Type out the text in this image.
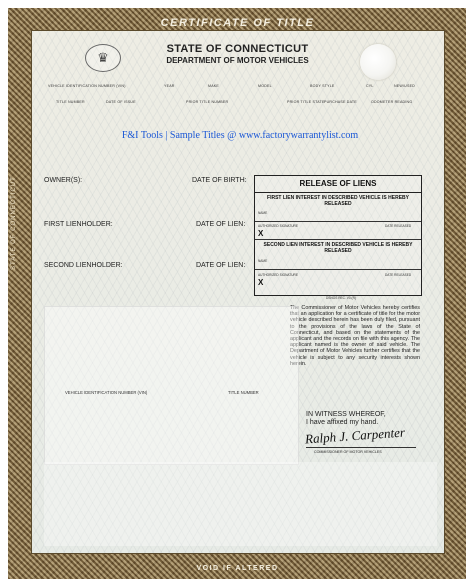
CERTIFICATE OF TITLE
STATE OF CONNECTICUT
♛
STATE OF CONNECTICUT
DEPARTMENT OF MOTOR VEHICLES
VEHICLE IDENTIFICATION NUMBER (VIN)	YEAR	MAKE	MODEL	BODY STYLE	CYL	NEW/USED
TITLE NUMBER	DATE OF ISSUE	PRIOR TITLE NUMBER	PRIOR TITLE STATE PURCHASE DATE	ODOMETER READING
F&I Tools | Sample Titles @ www.factorywarrantylist.com
OWNER(S):	DATE OF BIRTH:
FIRST LIENHOLDER:	DATE OF LIEN:
SECOND LIENHOLDER:	DATE OF LIEN:
RELEASE OF LIENS
FIRST LIEN INTEREST IN DESCRIBED VEHICLE IS HEREBY RELEASED
NAME
AUTHORIZED SIGNATURE	DATE RELEASED
X
SECOND LIEN INTEREST IN DESCRIBED VEHICLE IS HEREBY RELEASED
NAME
AUTHORIZED SIGNATURE	DATE RELEASED
X
DSNOS REC. V0.(R)
The Commissioner of Motor Vehicles hereby certifies that an application for a certificate of title for the motor vehicle described herein has been duly filed, pursuant to the provisions of the laws of the State of Connecticut, and based on the statements of the applicant and the records on file with this agency. The applicant named is the owner of said vehicle. The Department of Motor Vehicles further certifies that the vehicle is subject to any security interests shown herein.
IN WITNESS WHEREOF,
I have affixed my hand.
Ralph J. Carpenter
COMMISSIONER OF MOTOR VEHICLES
VEHICLE IDENTIFICATION NUMBER (VIN)	TITLE NUMBER
VOID IF ALTERED
